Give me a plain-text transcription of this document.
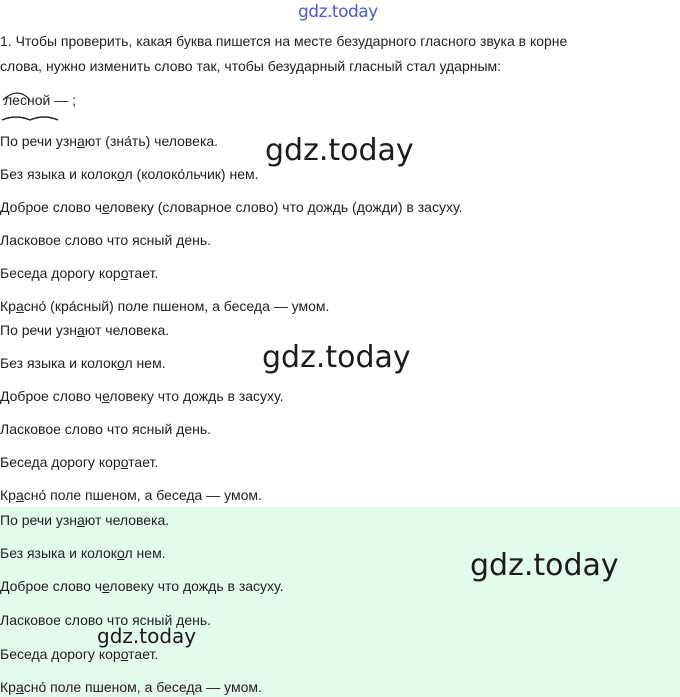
gdz.today
1. Чтобы проверить, какая буква пишется на месте безударного гласного звука в корне
слова, нужно изменить слово так, чтобы безударный гласный стал ударным:
лесной — ;
По речи узнают (зна́ть) человека.
Без языка и колокол (колоко́льчик) нем.
Доброе слово человеку (словарное слово) что дождь (дожди) в засуху.
Ласковое слово что ясный день.
Беседа дорогу коротает.
Красно́ (кра́сный) поле пшеном, а беседа — умом.
По речи узнают человека.
Без языка и колокол нем.
Доброе слово человеку что дождь в засуху.
Ласковое слово что ясный день.
Беседа дорогу коротает.
Красно́ поле пшеном, а беседа — умом.
По речи узнают человека.
Без языка и колокол нем.
Доброе слово человеку что дождь в засуху.
Ласковое слово что ясный день.
Беседа дорогу коротает.
Красно́ поле пшеном, а беседа — умом.
gdz.today
gdz.today
gdz.today
gdz.today
